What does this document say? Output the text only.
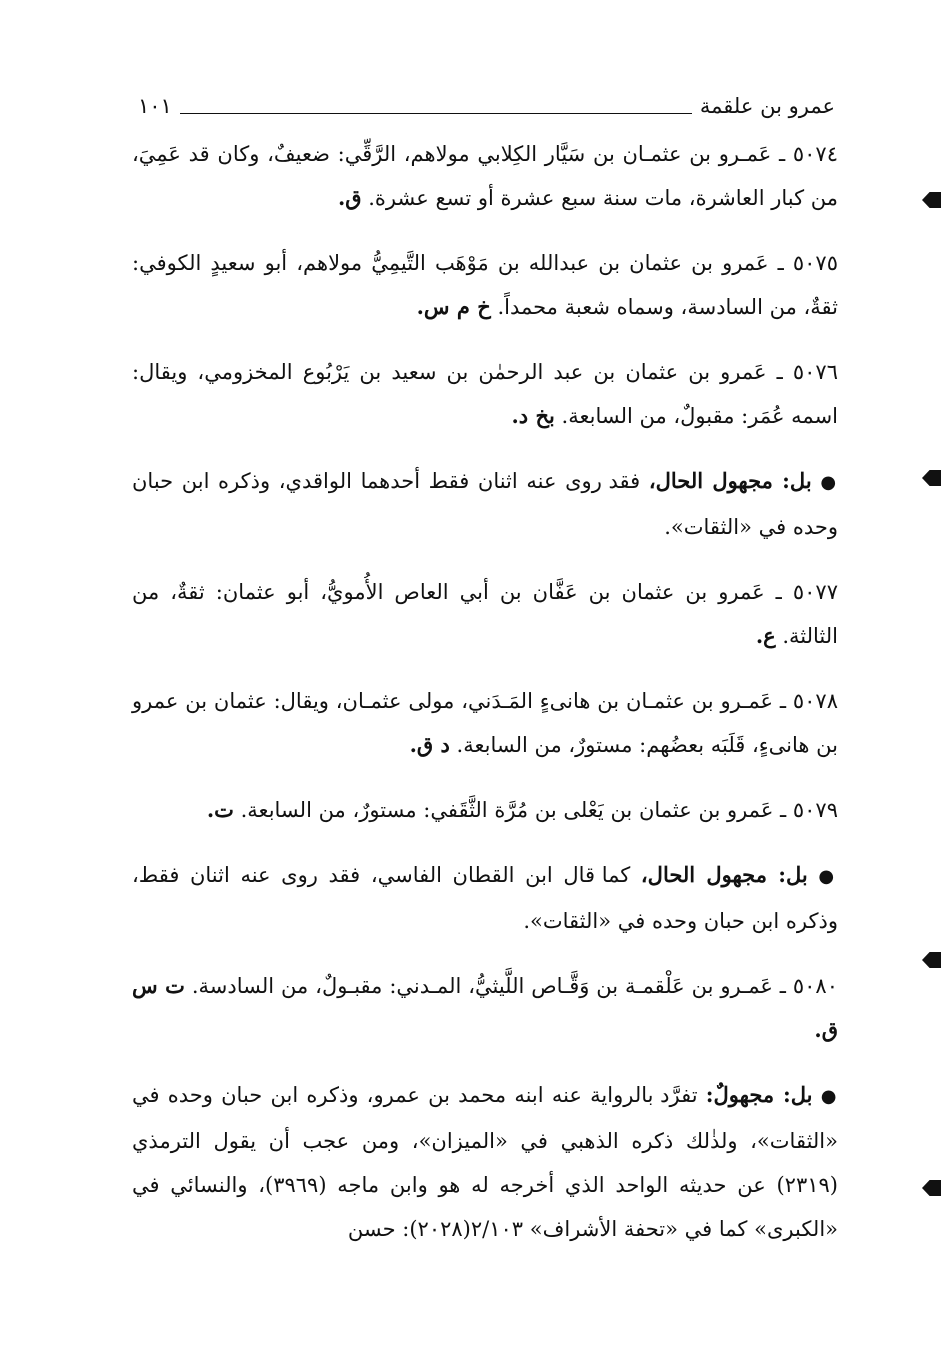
عمرو بن علقمة
١٠١

٥٠٧٤ ـ عَمـرو بن عثمـان بن سَيَّار الكِلابي مولاهم، الرَّقِّي: ضعيفٌ، وكان قد عَمِيَ، من كبار العاشرة، مات سنة سبع عشرة أو تسع عشرة. ق.

٥٠٧٥ ـ عَمرو بن عثمان بن عبدالله بن مَوْهَب التَّيمِيُّ مولاهم، أبو سعيدٍ الكوفي: ثقةٌ، من السادسة، وسماه شعبة محمداً. خ م س.

٥٠٧٦ ـ عَمرو بن عثمان بن عبد الرحمٰن بن سعيد بن يَرْبُوع المخزومي، ويقال: اسمه عُمَر: مقبولٌ، من السابعة. بخ د.

● بل: مجهول الحال، فقد روى عنه اثنان فقط أحدهما الواقدي، وذكره ابن حبان وحده في «الثقات».

٥٠٧٧ ـ عَمرو بن عثمان بن عَفَّان بن أبي العاص الأُمويُّ، أبو عثمان: ثقةٌ، من الثالثة. ع.

٥٠٧٨ ـ عَمـرو بن عثمـان بن هانىءٍ المَـدَني، مولى عثمـان، ويقال: عثمان بن عمرو بن هانىءٍ، قَلَبَه بعضُهم: مستورٌ، من السابعة. د ق.

٥٠٧٩ ـ عَمرو بن عثمان بن يَعْلى بن مُرَّة الثَّقَفي: مستورٌ، من السابعة. ت.

● بل: مجهول الحال، كما قال ابن القطان الفاسي، فقد روى عنه اثنان فقط، وذكره ابن حبان وحده في «الثقات».

٥٠٨٠ ـ عَمـرو بن عَلْقمـة بن وَقَّـاص اللَّيثيُّ، المـدني: مقبـولٌ، من السادسة. ت س ق.

● بل: مجهولٌ: تفرَّد بالرواية عنه ابنه محمد بن عمرو، وذكره ابن حبان وحده في «الثقات»، ولذٰلك ذكره الذهبي في «الميزان»، ومن عجب أن يقول الترمذي (٢٣١٩) عن حديثه الواحد الذي أخرجه له هو وابن ماجه (٣٩٦٩)، والنسائي في «الكبرى» كما في «تحفة الأشراف» ٢/١٠٣(٢٠٢٨): حسن
